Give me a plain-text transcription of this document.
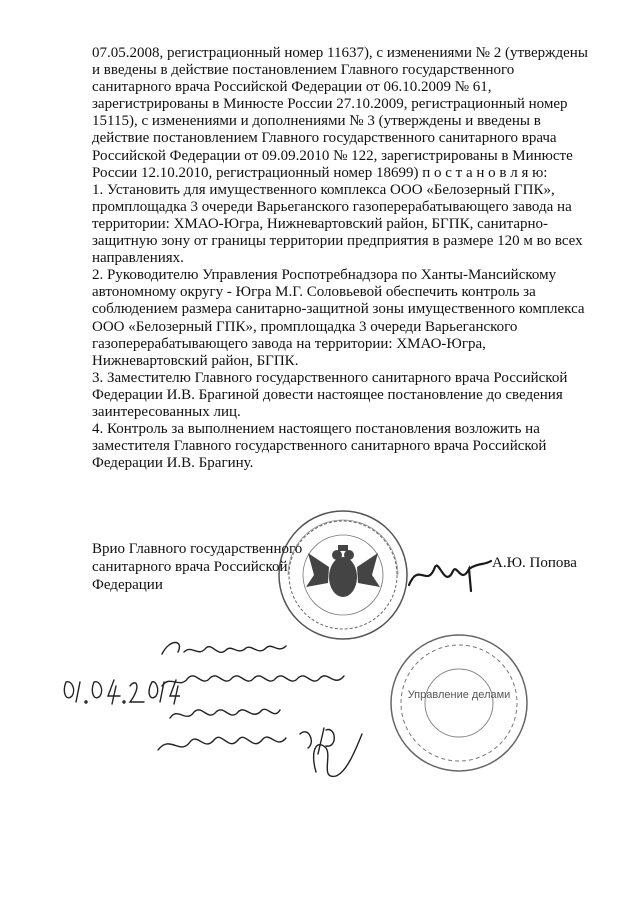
07.05.2008, регистрационный номер 11637), с изменениями № 2 (утверждены

и введены в действие постановлением Главного государственного

санитарного врача Российской Федерации от 06.10.2009 № 61,

зарегистрированы в Минюсте России 27.10.2009, регистрационный номер

15115), с изменениями и дополнениями № 3 (утверждены и введены в

действие постановлением Главного государственного санитарного врача

Российской Федерации от 09.09.2010 № 122, зарегистрированы в Минюсте

России 12.10.2010, регистрационный номер 18699) п о с т а н о в л я ю:

1. Установить для имущественного комплекса ООО «Белозерный ГПК»,

промплощадка 3 очереди Варьеганского газоперерабатывающего завода на

территории: ХМАО-Югра, Нижневартовский район, БГПК, санитарно-

защитную зону от границы территории предприятия в размере 120 м во всех

направлениях.

2. Руководителю Управления Роспотребнадзора по Ханты-Мансийскому

автономному округу - Югра М.Г. Соловьевой обеспечить контроль за

соблюдением размера санитарно-защитной зоны имущественного комплекса

ООО «Белозерный ГПК», промплощадка 3 очереди Варьеганского

газоперерабатывающего завода на территории: ХМАО-Югра,

Нижневартовский район, БГПК.

3. Заместителю Главного государственного санитарного врача Российской

Федерации И.В. Брагиной довести настоящее постановление до сведения

заинтересованных лиц.

4. Контроль за выполнением настоящего постановления возложить на

заместителя Главного государственного санитарного врача Российской

Федерации И.В. Брагину.

Врио Главного государственного
санитарного врача Российской Федерации
А.Ю. Попова
Управление делами
